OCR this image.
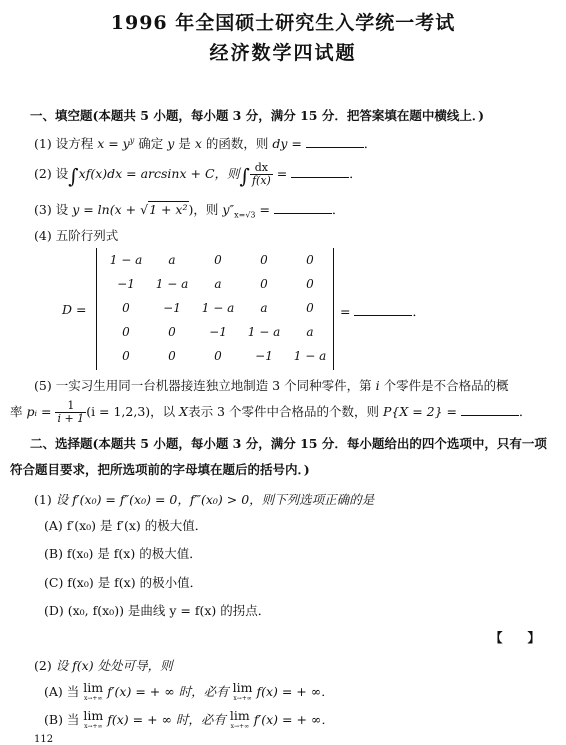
1996 年全国硕士研究生入学统一考试
经济数学四试题
一、填空题(本题共 5 小题，每小题 3 分，满分 15 分．把答案填在题中横线上．)
(1) 设方程 $x = y^y$ 确定 y 是 x 的函数，则 dy =	．
(2) 设∫xf(x)dx = arcsinx + C，则∫ $\frac{dx}{f(x)}$ =	．
(3) 设 y = ln(x + √1 + x²)，则 $y''_{x=√3}$ =	．
(4) 五阶行列式
D =
1 − a	a	0	0	0
−1	1 − a	a	0	0
0	−1	1 − a	a	0
0	0	−1	1 − a	a
0	0	0	−1	1 − a
=	．
(5) 一实习生用同一台机器接连独立地制造 3 个同种零件，第 i 个零件是不合格品的概
率 pᵢ = $\frac{1}{i + 1} (i = 1,2,3)$，以 X表示 3 个零件中合格品的个数，则 P{X = 2} =	．
二、选择题(本题共 5 小题，每小题 3 分，满分 15 分．每小题给出的四个选项中，只有一项
符合题目要求，把所选项前的字母填在题后的括号内．)
(1) 设 f′(x₀) = f″(x₀) = 0，f‴(x₀) > 0，则下列选项正确的是
(A) f′(x₀) 是 f′(x) 的极大值．
(B) f(x₀) 是 f(x) 的极大值．
(C) f(x₀) 是 f(x) 的极小值．
(D) (x₀, f(x₀)) 是曲线 y = f(x) 的拐点．
【　　】
(2) 设 f(x) 处处可导，则
(A) 当 lim
x→+∞ f′(x) = + ∞ 时，必有 lim
x→+∞ f(x) = + ∞．
(B) 当 lim
x→+∞ f(x) = + ∞ 时，必有 lim
x→+∞ f′(x) = + ∞．
112
